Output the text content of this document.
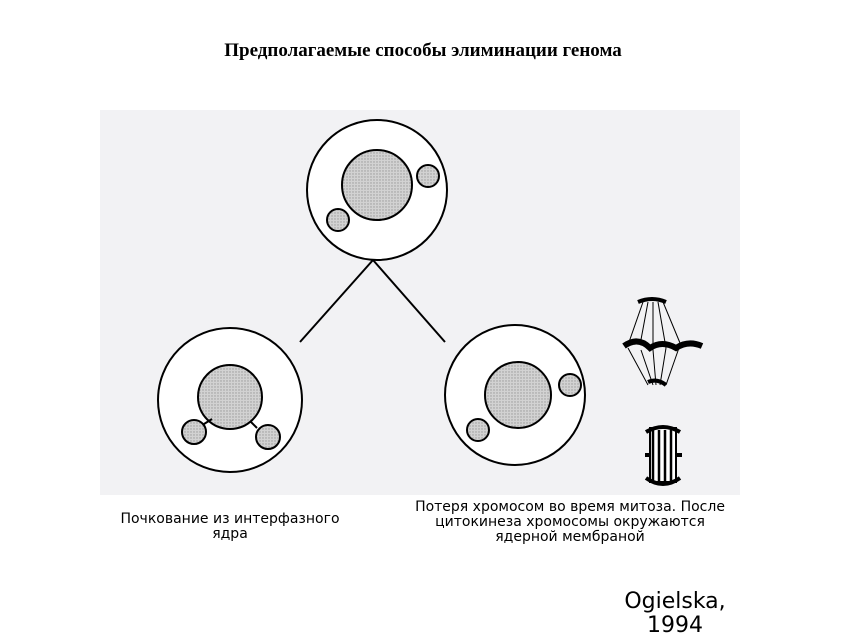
Предполагаемые способы элиминации генома
Почкование из интерфазного ядра
Потеря хромосом во время митоза. После цитокинеза хромосомы окружаются ядерной мембраной
Ogielska, 1994
